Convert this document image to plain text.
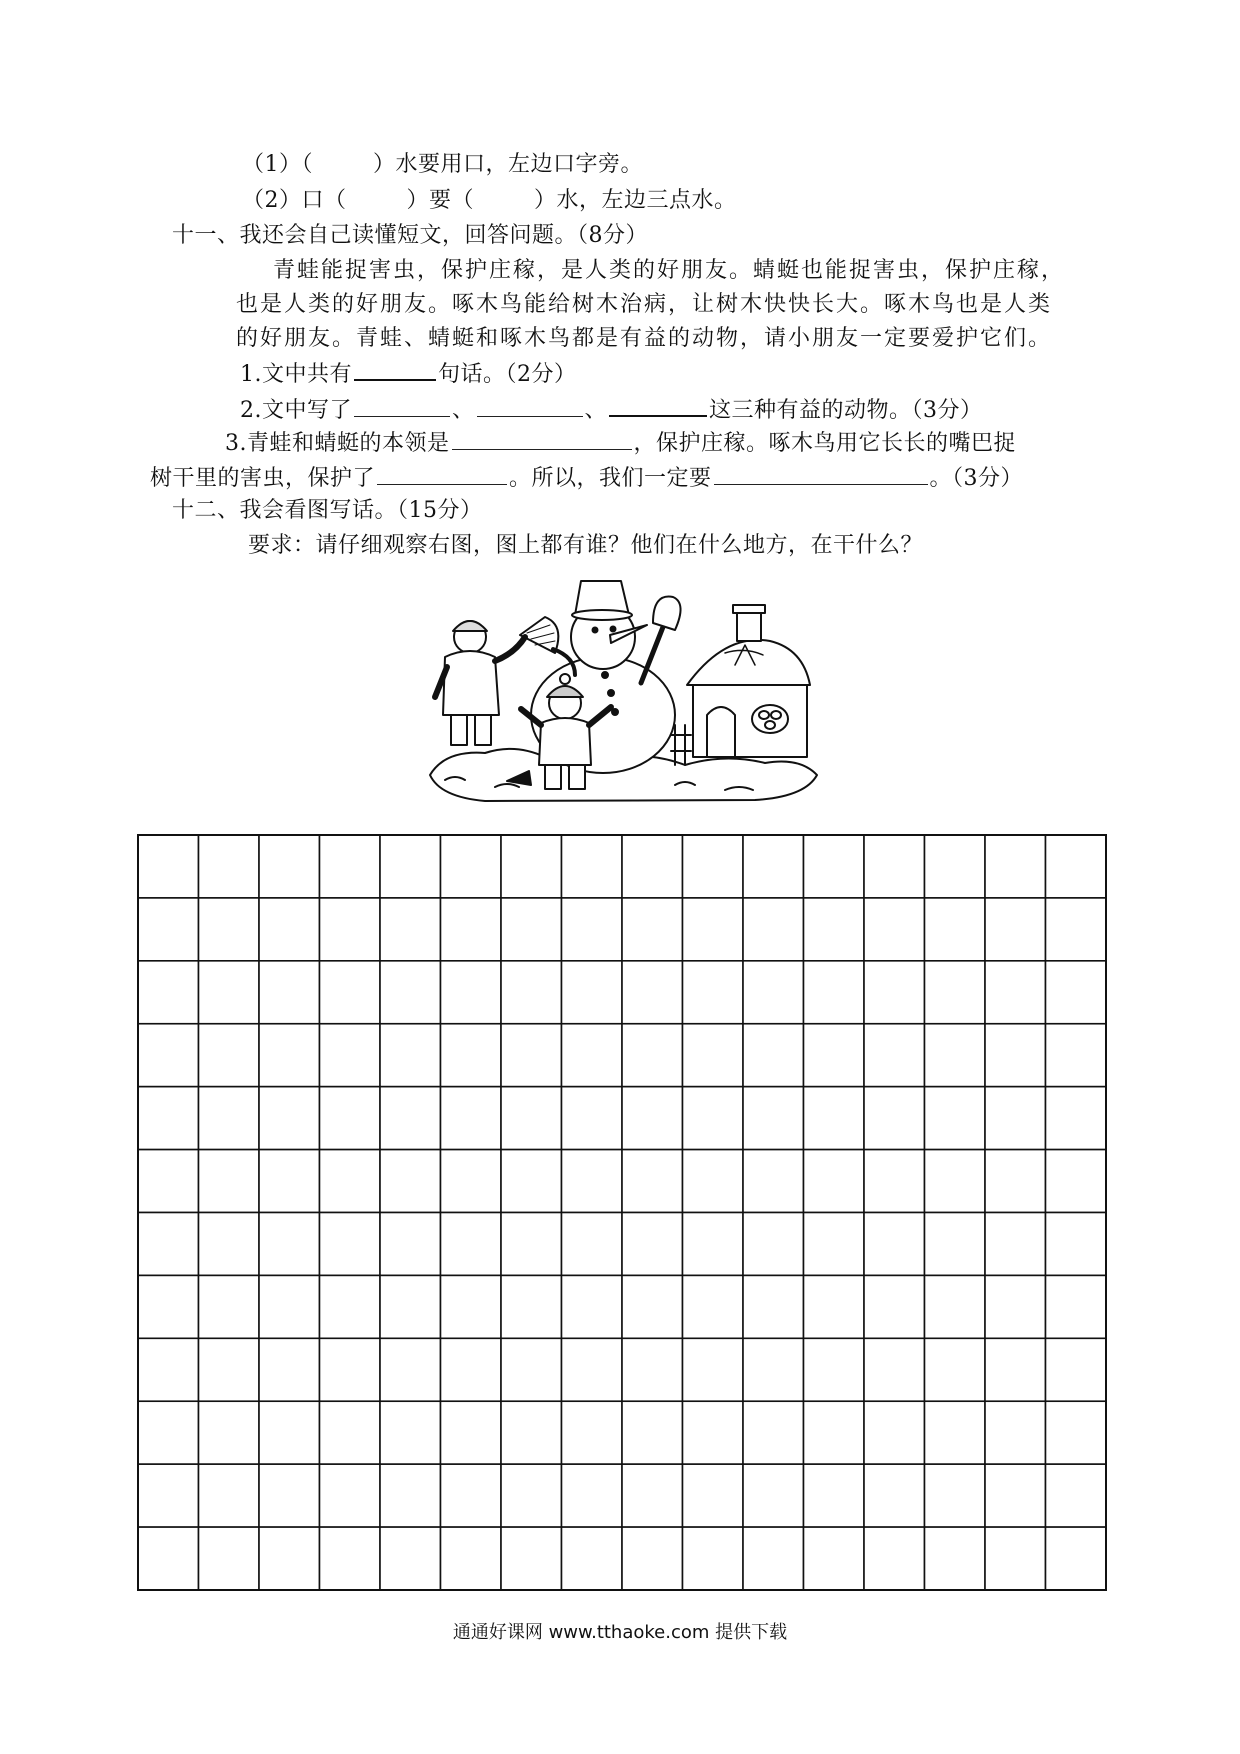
（1）（	）水要用口，左边口字旁。
（2）口（	）要（	）水，左边三点水。
十一、我还会自己读懂短文，回答问题。（8分）
青蛙能捉害虫，保护庄稼，是人类的好朋友。蜻蜓也能捉害虫，保护庄稼，
也是人类的好朋友。啄木鸟能给树木治病，让树木快快长大。啄木鸟也是人类
的好朋友。青蛙、蜻蜓和啄木鸟都是有益的动物，请小朋友一定要爱护它们。
1.文中共有	句话。（2分）
2.文中写了	、	、	这三种有益的动物。（3分）
3.青蛙和蜻蜓的本领是	，保护庄稼。啄木鸟用它长长的嘴巴捉
树干里的害虫，保护了	。所以，我们一定要	。（3分）
十二、我会看图写话。（15分）
要求：请仔细观察右图，图上都有谁？他们在什么地方，在干什么？
通通好课网 www.tthaoke.com 提供下载
